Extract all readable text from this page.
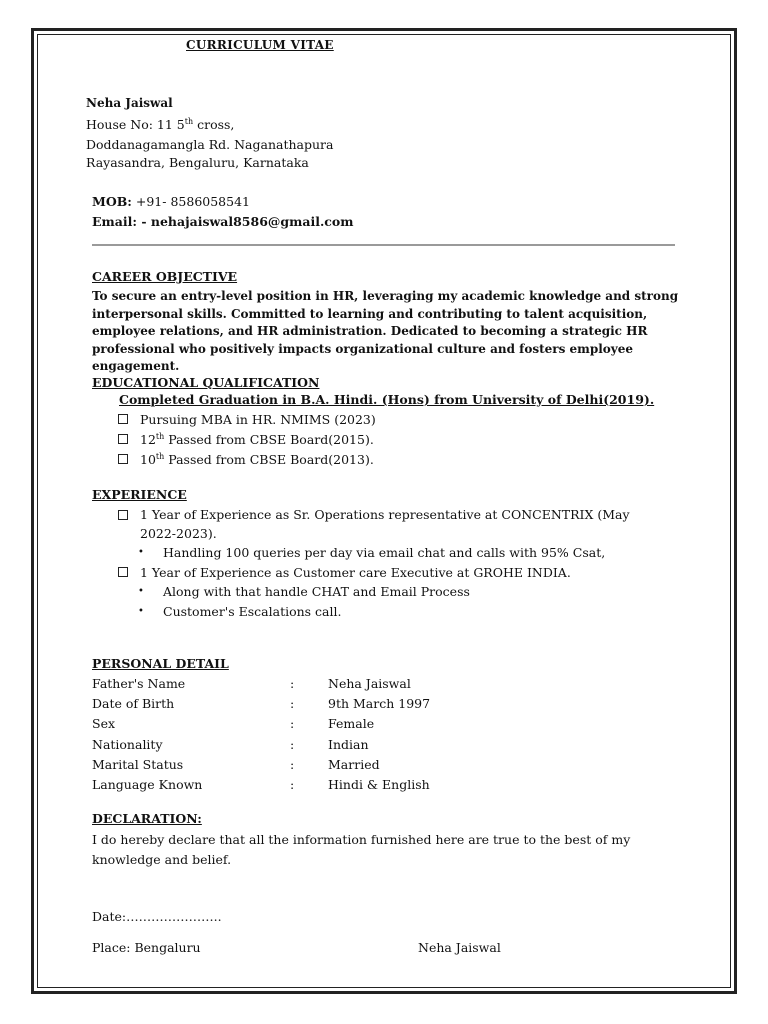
CURRICULUM VITAE
Neha Jaiswal
House No: 11 5th cross,
Doddanagamangla Rd. Naganathapura
Rayasandra, Bengaluru, Karnataka
MOB: +91- 8586058541
Email: - nehajaiswal8586@gmail.com
CAREER OBJECTIVE
To secure an entry-level position in HR, leveraging my academic knowledge and strong interpersonal skills. Committed to learning and contributing to talent acquisition, employee relations, and HR administration. Dedicated to becoming a strategic HR professional who positively impacts organizational culture and fosters employee engagement.
EDUCATIONAL QUALIFICATION
Completed Graduation in B.A. Hindi. (Hons) from University of Delhi(2019).
Pursuing MBA in HR. NMIMS (2023)
12th Passed from CBSE Board(2015).
10th Passed from CBSE Board(2013).
EXPERIENCE
1 Year of Experience as Sr. Operations representative at CONCENTRIX (May
2022-2023).
• Handling 100 queries per day via email chat and calls with 95% Csat,
1 Year of Experience as Customer care Executive at GROHE INDIA.
• Along with that handle CHAT and Email Process
• Customer's Escalations call.
PERSONAL DETAIL
Father's Name	:	Neha Jaiswal
Date of Birth	:	9th March 1997
Sex	:	Female
Nationality	:	Indian
Marital Status	:	Married
Language Known	:	Hindi & English
DECLARATION:
I do hereby declare that all the information furnished here are true to the best of my knowledge and belief.
Date:…………………..
Place: Bengaluru	Neha Jaiswal
